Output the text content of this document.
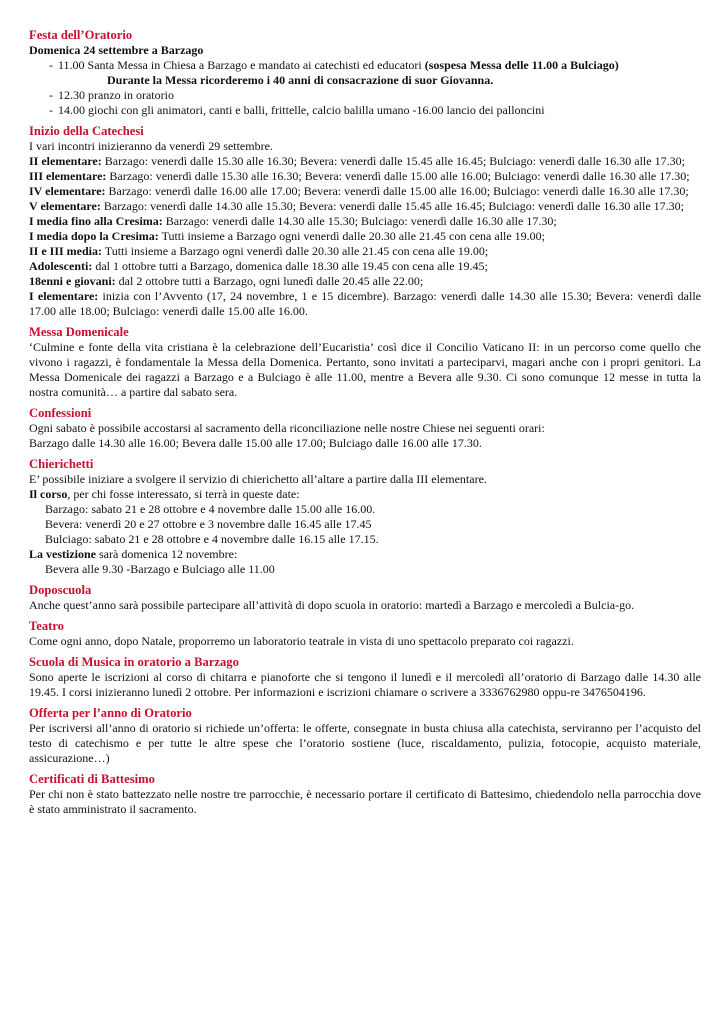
Festa dell’Oratorio

Domenica 24 settembre a Barzago

- 11.00 Santa Messa in Chiesa a Barzago e mandato ai catechisti ed educatori (sospesa Messa delle 11.00 a Bulciago)
Durante la Messa ricorderemo i 40 anni di consacrazione di suor Giovanna.
- 12.30 pranzo in oratorio
- 14.00 giochi con gli animatori, canti e balli, frittelle, calcio balilla umano -16.00 lancio dei palloncini

Inizio della Catechesi

I vari incontri inizieranno da venerdì 29 settembre.

II elementare: Barzago: venerdì dalle 15.30 alle 16.30; Bevera: venerdì dalle 15.45 alle 16.45; Bulciago: venerdì dalle 16.30 alle 17.30;

III elementare: Barzago: venerdì dalle 15.30 alle 16.30; Bevera: venerdì dalle 15.00 alle 16.00; Bulciago: venerdì dalle 16.30 alle 17.30;

IV elementare: Barzago: venerdì dalle 16.00 alle 17.00; Bevera: venerdì dalle 15.00 alle 16.00; Bulciago: venerdì dalle 16.30 alle 17.30;

V elementare: Barzago: venerdì dalle 14.30 alle 15.30; Bevera: venerdì dalle 15.45 alle 16.45; Bulciago: venerdì dalle 16.30 alle 17.30;

I media fino alla Cresima: Barzago: venerdì dalle 14.30 alle 15.30; Bulciago: venerdì dalle 16.30 alle 17.30;

I media dopo la Cresima: Tutti insieme a Barzago ogni venerdì dalle 20.30 alle 21.45 con cena alle 19.00;

II e III media: Tutti insieme a Barzago ogni venerdì dalle 20.30 alle 21.45 con cena alle 19.00;

Adolescenti: dal 1 ottobre tutti a Barzago, domenica dalle 18.30 alle 19.45 con cena alle 19.45;

18enni e giovani: dal 2 ottobre tutti a Barzago, ogni lunedì dalle 20.45 alle 22.00;

I elementare: inizia con l’Avvento (17, 24 novembre, 1 e 15 dicembre). Barzago: venerdì dalle 14.30 alle 15.30; Bevera: venerdì dalle 17.00 alle 18.00; Bulciago: venerdì dalle 15.00 alle 16.00.

Messa Domenicale

‘Culmine e fonte della vita cristiana è la celebrazione dell’Eucaristia’ così dice il Concilio Vaticano II: in un percorso come quello che vivono i ragazzi, è fondamentale la Messa della Domenica. Pertanto, sono invitati a parteciparvi, magari anche con i propri genitori. La Messa Domenicale dei ragazzi a Barzago e a Bulciago è alle 11.00, mentre a Bevera alle 9.30. Ci sono comunque 12 messe in tutta la nostra comunità… a partire dal sabato sera.

Confessioni

Ogni sabato è possibile accostarsi al sacramento della riconciliazione nelle nostre Chiese nei seguenti orari:

Barzago dalle 14.30 alle 16.00; Bevera dalle 15.00 alle 17.00; Bulciago dalle 16.00 alle 17.30.

Chierichetti

E’ possibile iniziare a svolgere il servizio di chierichetto all’altare a partire dalla III elementare.

Il corso, per chi fosse interessato, si terrà in queste date:

Barzago: sabato 21 e 28 ottobre e 4 novembre dalle 15.00 alle 16.00.

Bevera: venerdì 20 e 27 ottobre e 3 novembre dalle 16.45 alle 17.45

Bulciago: sabato 21 e 28 ottobre e 4 novembre dalle 16.15 alle 17.15.

La vestizione sarà domenica 12 novembre:

Bevera alle 9.30 -Barzago e Bulciago alle 11.00

Doposcuola

Anche quest’anno sarà possibile partecipare all’attività di dopo scuola in oratorio: martedì a Barzago e mercoledì a Bulcia-go.

Teatro

Come ogni anno, dopo Natale, proporremo un laboratorio teatrale in vista di uno spettacolo preparato coi ragazzi.

Scuola di Musica in oratorio a Barzago

Sono aperte le iscrizioni al corso di chitarra e pianoforte che si tengono il lunedì e il mercoledì all’oratorio di Barzago dalle 14.30 alle 19.45. I corsi inizieranno lunedì 2 ottobre. Per informazioni e iscrizioni chiamare o scrivere a 3336762980 oppu-re 3476504196.

Offerta per l’anno di Oratorio

Per iscriversi all’anno di oratorio si richiede un’offerta: le offerte, consegnate in busta chiusa alla catechista, serviranno per l’acquisto del testo di catechismo e per tutte le altre spese che l’oratorio sostiene (luce, riscaldamento, pulizia, fotocopie, acquisto materiale, assicurazione…)

Certificati di Battesimo

Per chi non è stato battezzato nelle nostre tre parrocchie, è necessario portare il certificato di Battesimo, chiedendolo nella parrocchia dove è stato amministrato il sacramento.
